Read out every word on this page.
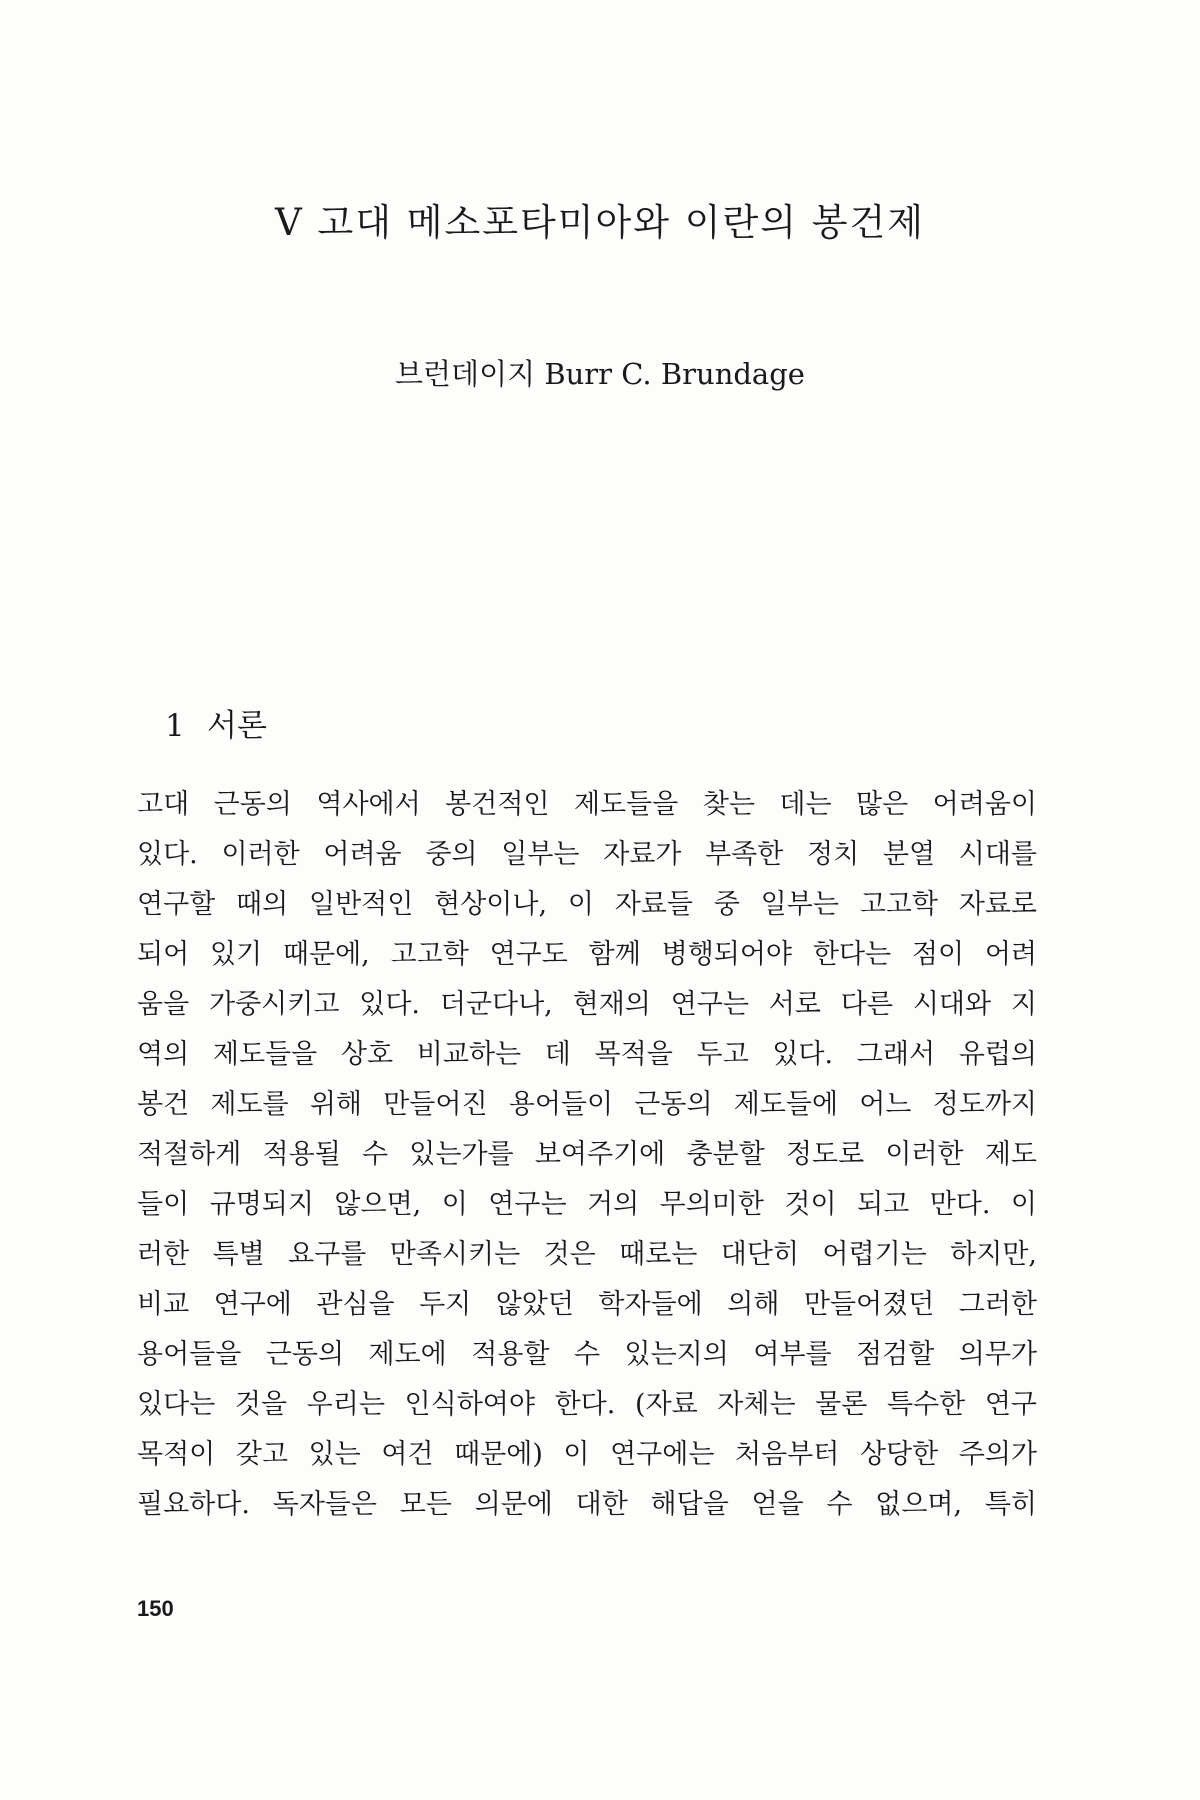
V 고대 메소포타미아와 이란의 봉건제

브런데이지 Burr C. Brundage

1 서론
고대 근동의 역사에서 봉건적인 제도들을 찾는 데는 많은 어려움이
있다. 이러한 어려움 중의 일부는 자료가 부족한 정치 분열 시대를
연구할 때의 일반적인 현상이나, 이 자료들 중 일부는 고고학 자료로
되어 있기 때문에, 고고학 연구도 함께 병행되어야 한다는 점이 어려
움을 가중시키고 있다. 더군다나, 현재의 연구는 서로 다른 시대와 지
역의 제도들을 상호 비교하는 데 목적을 두고 있다. 그래서 유럽의
봉건 제도를 위해 만들어진 용어들이 근동의 제도들에 어느 정도까지
적절하게 적용될 수 있는가를 보여주기에 충분할 정도로 이러한 제도
들이 규명되지 않으면, 이 연구는 거의 무의미한 것이 되고 만다. 이
러한 특별 요구를 만족시키는 것은 때로는 대단히 어렵기는 하지만,
비교 연구에 관심을 두지 않았던 학자들에 의해 만들어졌던 그러한
용어들을 근동의 제도에 적용할 수 있는지의 여부를 점검할 의무가
있다는 것을 우리는 인식하여야 한다. (자료 자체는 물론 특수한 연구
목적이 갖고 있는 여건 때문에) 이 연구에는 처음부터 상당한 주의가
필요하다. 독자들은 모든 의문에 대한 해답을 얻을 수 없으며, 특히

150
